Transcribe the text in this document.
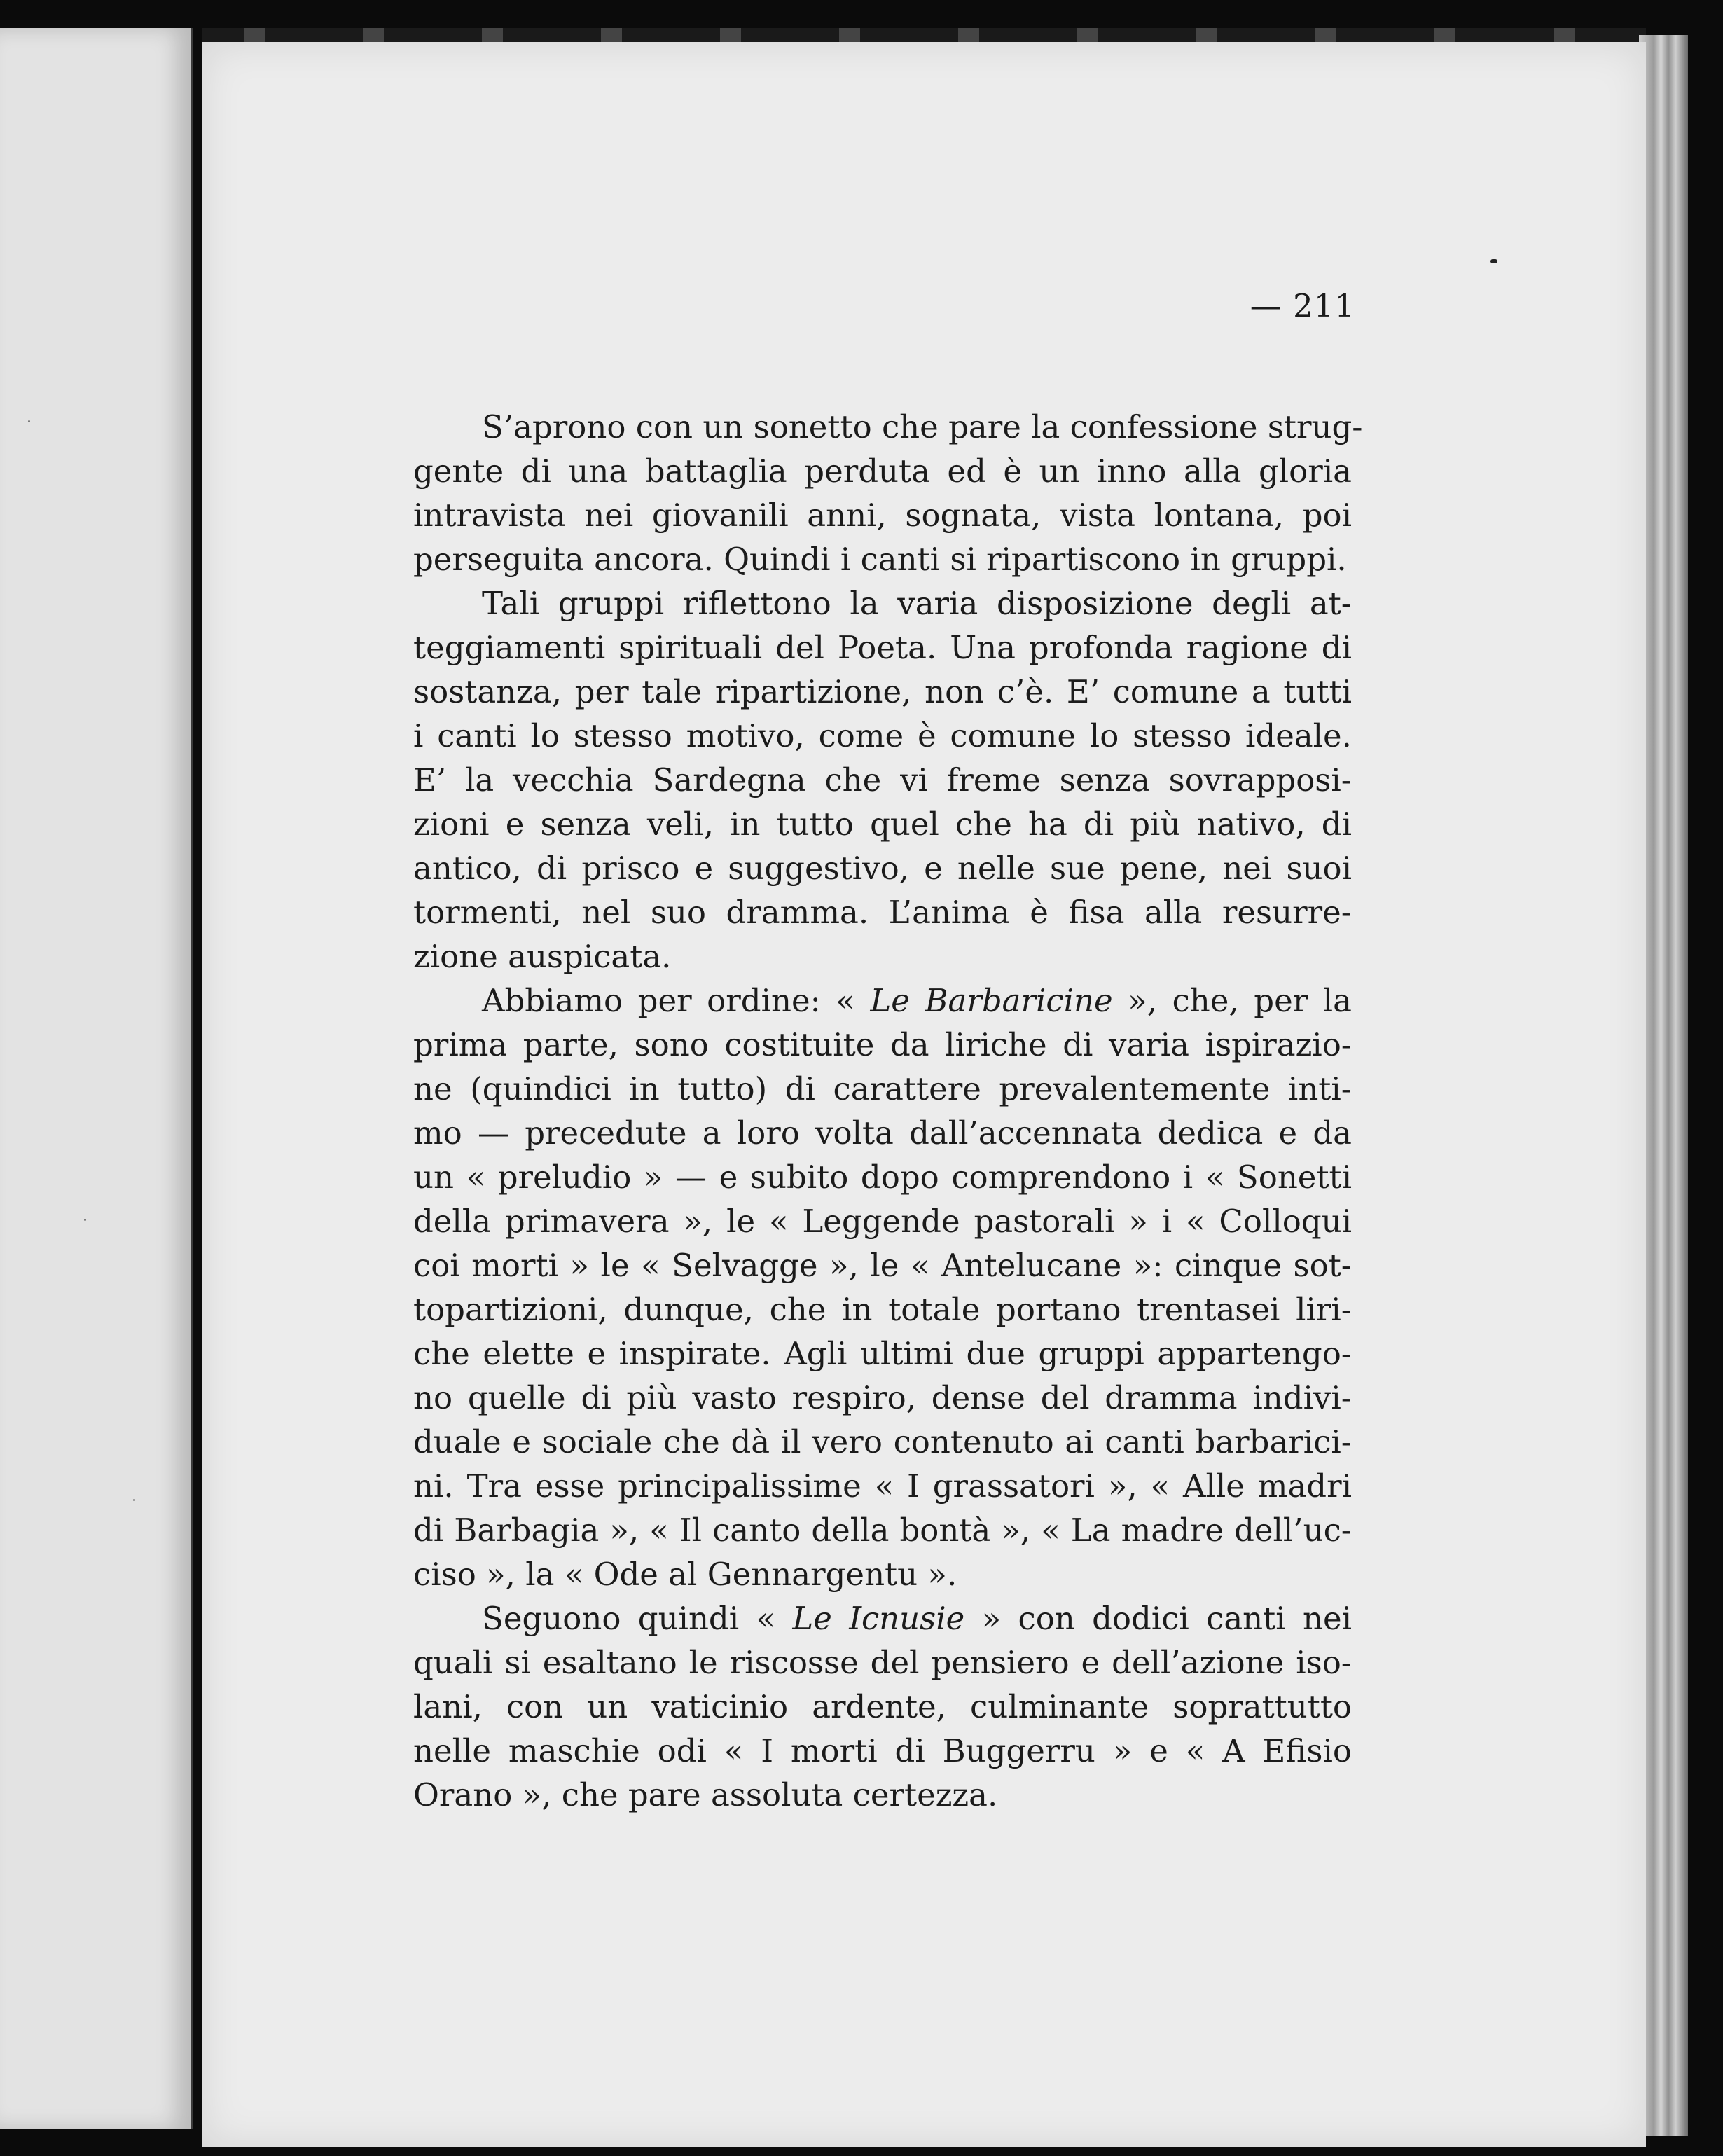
— 211
S’aprono con un sonetto che pare la confessione strug-
gente di una battaglia perduta ed è un inno alla gloria
intravista nei giovanili anni, sognata, vista lontana, poi
perseguita ancora. Quindi i canti si ripartiscono in gruppi.
Tali gruppi riflettono la varia disposizione degli at-
teggiamenti spirituali del Poeta. Una profonda ragione di
sostanza, per tale ripartizione, non c’è. E’ comune a tutti
i canti lo stesso motivo, come è comune lo stesso ideale.
E’ la vecchia Sardegna che vi freme senza sovrapposi-
zioni e senza veli, in tutto quel che ha di più nativo, di
antico, di prisco e suggestivo, e nelle sue pene, nei suoi
tormenti, nel suo dramma. L’anima è fisa alla resurre-
zione auspicata.
Abbiamo per ordine: « Le Barbaricine », che, per la
prima parte, sono costituite da liriche di varia ispirazio-
ne (quindici in tutto) di carattere prevalentemente inti-
mo — precedute a loro volta dall’accennata dedica e da
un « preludio » — e subito dopo comprendono i « Sonetti
della primavera », le « Leggende pastorali » i « Colloqui
coi morti » le « Selvagge », le « Antelucane »: cinque sot-
topartizioni, dunque, che in totale portano trentasei liri-
che elette e inspirate. Agli ultimi due gruppi appartengo-
no quelle di più vasto respiro, dense del dramma indivi-
duale e sociale che dà il vero contenuto ai canti barbarici-
ni. Tra esse principalissime « I grassatori », « Alle madri
di Barbagia », « Il canto della bontà », « La madre dell’uc-
ciso », la « Ode al Gennargentu ».
Seguono quindi « Le Icnusie » con dodici canti nei
quali si esaltano le riscosse del pensiero e dell’azione iso-
lani, con un vaticinio ardente, culminante soprattutto
nelle maschie odi « I morti di Buggerru » e « A Efisio
Orano », che pare assoluta certezza.
